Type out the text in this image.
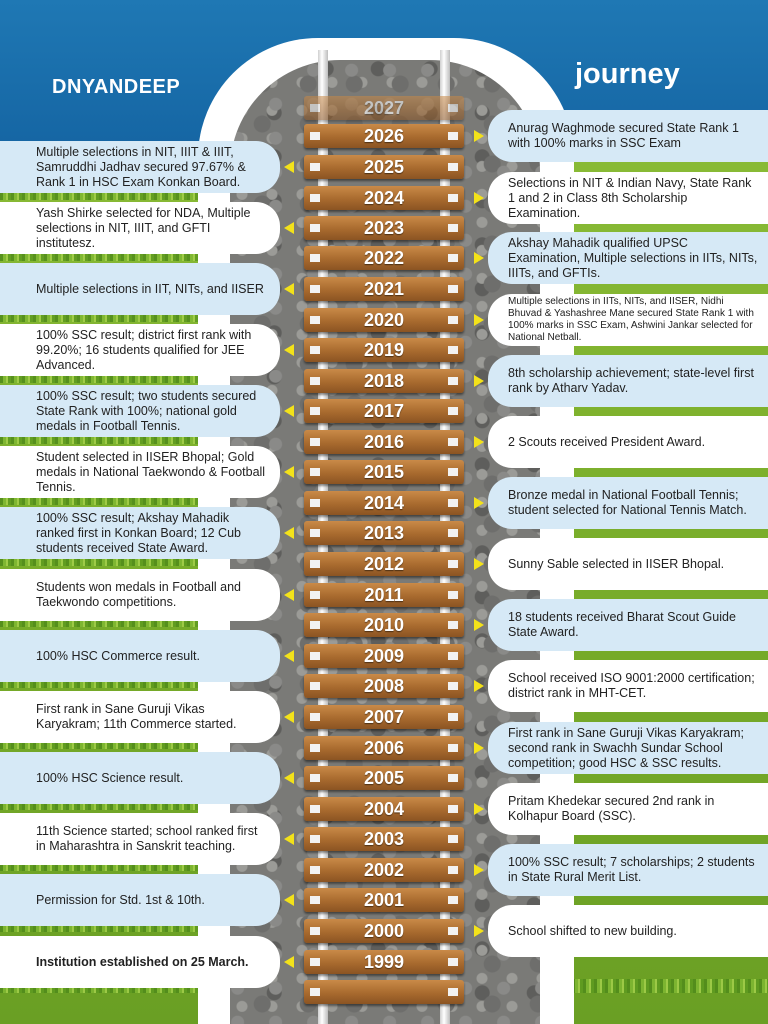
DNYANDEEP	journey
2027
2026
2025
2024
2023
2022
2021
2020
2019
2018
2017
2016
2015
2014
2013
2012
2011
2010
2009
2008
2007
2006
2005
2004
2003
2002
2001
2000
1999
Multiple selections in NIT, IIIT & IIIT, Samruddhi Jadhav secured 97.67% & Rank 1 in HSC Exam Konkan Board.
Yash Shirke selected for NDA, Multiple selections in NIT, IIIT, and GFTI institutesz.
Multiple selections in IIT, NITs, and IISER
100% SSC result; district first rank with 99.20%; 16 students qualified for JEE Advanced.
100% SSC result; two students secured State Rank with 100%; national gold medals in Football Tennis.
Student selected in IISER Bhopal; Gold medals in National Taekwondo & Football Tennis.
100% SSC result; Akshay Mahadik ranked first in Konkan Board; 12 Cub students received State Award.
Students won medals in Football and Taekwondo competitions.
100% HSC Commerce result.
First rank in Sane Guruji Vikas Karyakram; 11th Commerce started.
100% HSC Science result.
11th Science started; school ranked first in Maharashtra in Sanskrit teaching.
Permission for Std. 1st & 10th.
Institution established on 25 March.
Anurag Waghmode secured State Rank 1 with 100% marks in SSC Exam
Selections in NIT & Indian Navy, State Rank 1 and 2 in Class 8th Scholarship Examination.
Akshay Mahadik qualified UPSC Examination, Multiple selections in IITs, NITs, IIITs, and GFTIs.
Multiple selections in IITs, NITs, and IISER, Nidhi Bhuvad & Yashashree Mane secured State Rank 1 with 100% marks in SSC Exam, Ashwini Jankar selected for National Netball.
8th scholarship achievement; state-level first rank by Atharv Yadav.
2 Scouts received President Award.
Bronze medal in National Football Tennis; student selected for National Tennis Match.
Sunny Sable selected in IISER Bhopal.
18 students received Bharat Scout Guide State Award.
School received ISO 9001:2000 certification; district rank in MHT-CET.
First rank in Sane Guruji Vikas Karyakram; second rank in Swachh Sundar School competition; good HSC & SSC results.
Pritam Khedekar secured 2nd rank in Kolhapur Board (SSC).
100% SSC result; 7 scholarships; 2 students in State Rural Merit List.
School shifted to new building.
